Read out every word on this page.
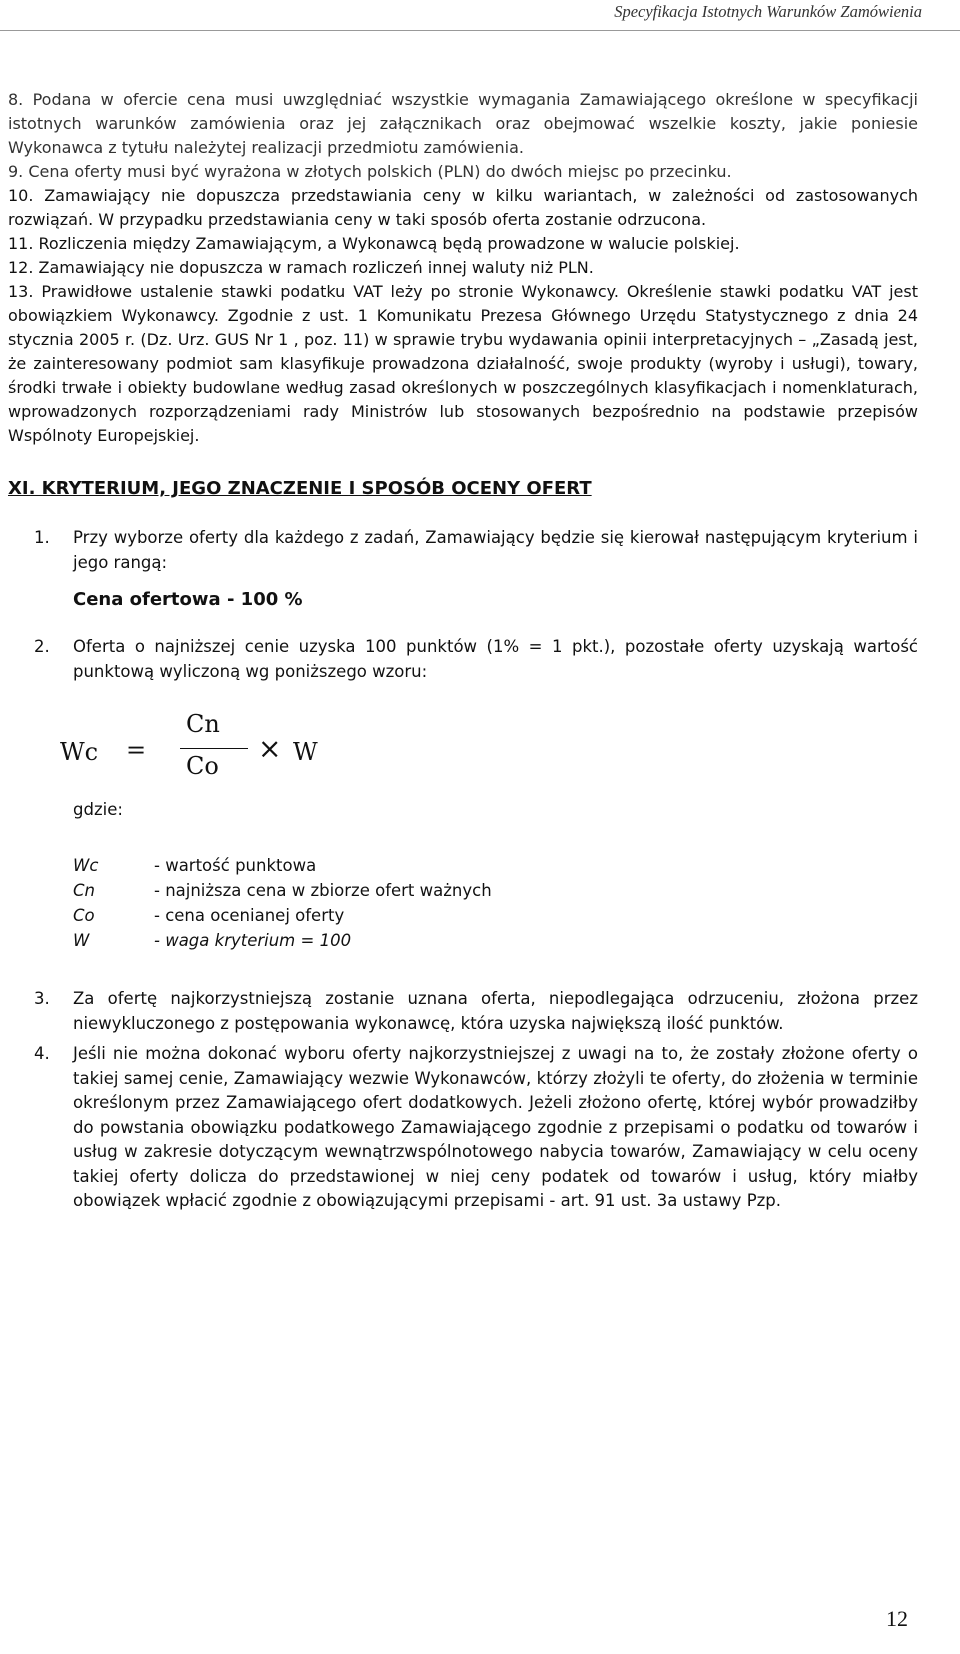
Specyfikacja Istotnych Warunków Zamówienia

8. Podana w ofercie cena musi uwzględniać wszystkie wymagania Zamawiającego określone w specyfikacji istotnych warunków zamówienia oraz jej załącznikach oraz obejmować wszelkie koszty, jakie poniesie Wykonawca z tytułu należytej realizacji przedmiotu zamówienia.

9. Cena oferty musi być wyrażona w złotych polskich (PLN) do dwóch miejsc po przecinku.

10. Zamawiający nie dopuszcza przedstawiania ceny w kilku wariantach, w zależności od zastosowanych rozwiązań. W przypadku przedstawiania ceny w taki sposób oferta zostanie odrzucona.

11. Rozliczenia między Zamawiającym, a Wykonawcą będą prowadzone w walucie polskiej.

12. Zamawiający nie dopuszcza w ramach rozliczeń innej waluty niż PLN.

13. Prawidłowe ustalenie stawki podatku VAT leży po stronie Wykonawcy. Określenie stawki podatku VAT jest obowiązkiem Wykonawcy. Zgodnie z ust. 1 Komunikatu Prezesa Głównego Urzędu Statystycznego z dnia 24 stycznia 2005 r. (Dz. Urz. GUS Nr 1 , poz. 11) w sprawie trybu wydawania opinii interpretacyjnych – „Zasadą jest, że zainteresowany podmiot sam klasyfikuje prowadzona działalność, swoje produkty (wyroby i usługi), towary, środki trwałe i obiekty budowlane według zasad określonych w poszczególnych klasyfikacjach i nomenklaturach, wprowadzonych rozporządzeniami rady Ministrów lub stosowanych bezpośrednio na podstawie przepisów Wspólnoty Europejskiej.

XI. KRYTERIUM, JEGO ZNACZENIE I SPOSÓB OCENY OFERT
1. Przy wyborze oferty dla każdego z zadań, Zamawiający będzie się kierował następującym kryterium i jego rangą:
Cena ofertowa - 100 %
2. Oferta o najniższej cenie uzyska 100 punktów (1% = 1 pkt.), pozostałe oferty uzyskają wartość punktową wyliczoną wg poniższego wzoru:
Wc =
Cn
Co
× W
gdzie:
Wc	- wartość punktowa
Cn	- najniższa cena w zbiorze ofert ważnych
Co	- cena ocenianej oferty
W	- waga kryterium = 100
3. Za ofertę najkorzystniejszą zostanie uznana oferta, niepodlegająca odrzuceniu, złożona przez niewykluczonego z postępowania wykonawcę, która uzyska największą ilość punktów.
4. Jeśli nie można dokonać wyboru oferty najkorzystniejszej z uwagi na to, że zostały złożone oferty o takiej samej cenie, Zamawiający wezwie Wykonawców, którzy złożyli te oferty, do złożenia w terminie określonym przez Zamawiającego ofert dodatkowych. Jeżeli złożono ofertę, której wybór prowadziłby do powstania obowiązku podatkowego Zamawiającego zgodnie z przepisami o podatku od towarów i usług w zakresie dotyczącym wewnątrzwspólnotowego nabycia towarów, Zamawiający w celu oceny takiej oferty dolicza do przedstawionej w niej ceny podatek od towarów i usług, który miałby obowiązek wpłacić zgodnie z obowiązującymi przepisami - art. 91 ust. 3a ustawy Pzp.
12
